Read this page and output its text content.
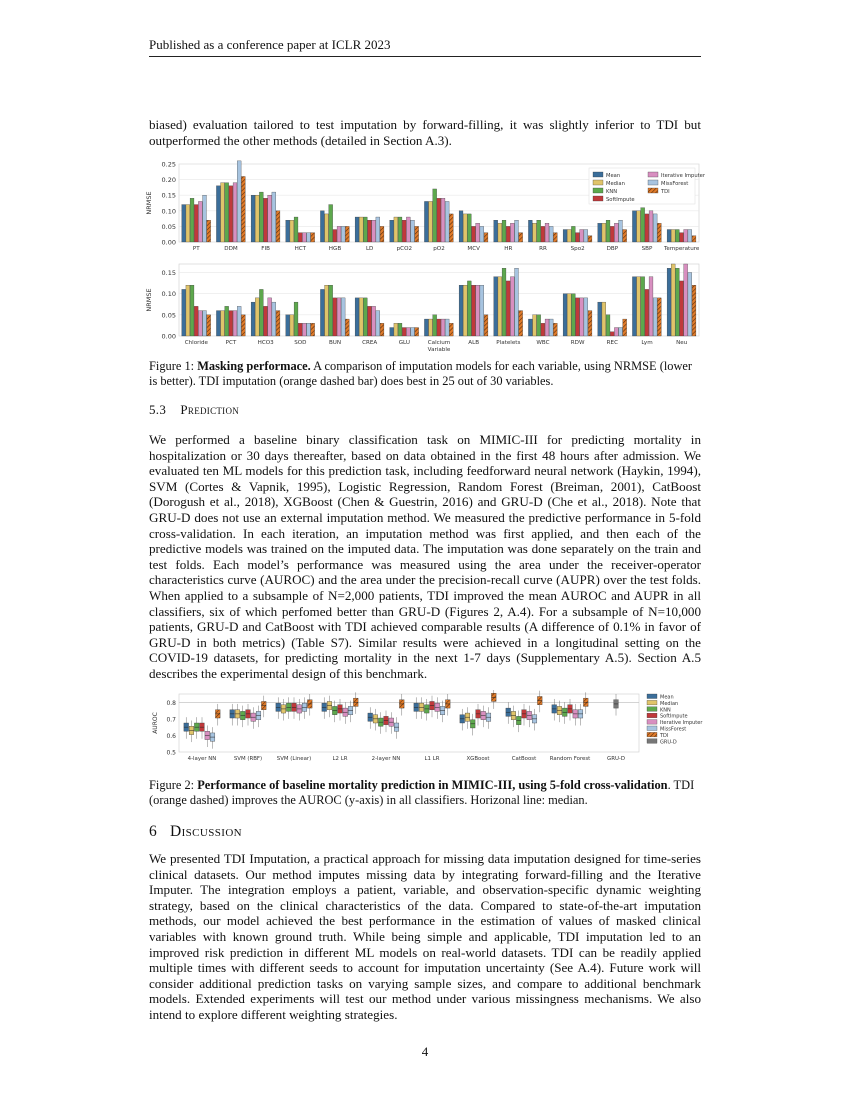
Published as a conference paper at ICLR 2023

biased) evaluation tailored to test imputation by forward-filling, it was slightly inferior to TDI but outperformed the other methods (detailed in Section A.3).

0.00
0.05
0.10
0.15
0.20
0.25
NRMSE
PT	DDM	FIB	HCT	HGB	LD	pCO2	pO2	MCV	HR	RR	Spo2	DBP	SBP Temperature
Mean
Median
KNN
SoftImpute
Iterative Imputer
MissForest
TDI
0.00
0.05
0.10
0.15
NRMSE
Chloride	PCT	HCO3	SOD	BUN	CREA	GLU	Calcium	ALB	Platelets	WBC	RDW	REC	Lym	Neu
Variable

Figure 1: Masking performace. A comparison of imputation models for each variable, using NRMSE (lower is better). TDI imputation (orange dashed bar) does best in 25 out of 30 variables.

5.3 Prediction

We performed a baseline binary classification task on MIMIC-III for predicting mortality in hospitalization or 30 days thereafter, based on data obtained in the first 48 hours after admission. We evaluated ten ML models for this prediction task, including feedforward neural network (Haykin, 1994), SVM (Cortes & Vapnik, 1995), Logistic Regression, Random Forest (Breiman, 2001), CatBoost (Dorogush et al., 2018), XGBoost (Chen & Guestrin, 2016) and GRU-D (Che et al., 2018). Note that GRU-D does not use an external imputation method. We measured the predictive performance in 5-fold cross-validation. In each iteration, an imputation method was first applied, and then each of the predictive models was trained on the imputed data. The imputation was done separately on the train and test folds. Each model’s performance was measured using the area under the receiver-operator characteristics curve (AUROC) and the area under the precision-recall curve (AUPR) over the test folds. When applied to a subsample of N=2,000 patients, TDI improved the mean AUROC and AUPR in all classifiers, six of which perfomed better than GRU-D (Figures 2, A.4). For a subsample of N=10,000 patients, GRU-D and CatBoost with TDI achieved comparable results (A difference of 0.1% in favor of GRU-D in both metrics) (Table S7). Similar results were achieved in a longitudinal setting on the COVID-19 datasets, for predicting mortality in the next 1-7 days (Supplementary A.5). Section A.5 describes the experimental design of this benchmark.

0.5
0.6
0.7
0.8
AUROC
4-layer NN	SVM (RBF)	SVM (Linear)	L2 LR	2-layer NN	L1 LR	XGBoost	CatBoost	Random Forest	GRU-D
Mean
Median
KNN
SoftImpute
Iterative Imputer
MissForest
TDI
GRU-D

Figure 2: Performance of baseline mortality prediction in MIMIC-III, using 5-fold cross-validation. TDI (orange dashed) improves the AUROC (y-axis) in all classifiers. Horizonal line: median.

6 Discussion

We presented TDI Imputation, a practical approach for missing data imputation designed for time-series clinical datasets. Our method imputes missing data by integrating forward-filling and the Iterative Imputer. The integration employs a patient, variable, and observation-specific dynamic weighting strategy, based on the clinical characteristics of the data. Compared to state-of-the-art imputation methods, our model achieved the best performance in the estimation of values of masked clinical variables with known ground truth. While being simple and applicable, TDI imputation led to an improved risk prediction in different ML models on real-world datasets. TDI can be readily applied multiple times with different seeds to account for imputation uncertainty (See A.4). Future work will consider additional prediction tasks on varying sample sizes, and compare to additional benchmark models. Extended experiments will test our method under various missingness mechanisms. We also intend to explore different weighting strategies.

4
